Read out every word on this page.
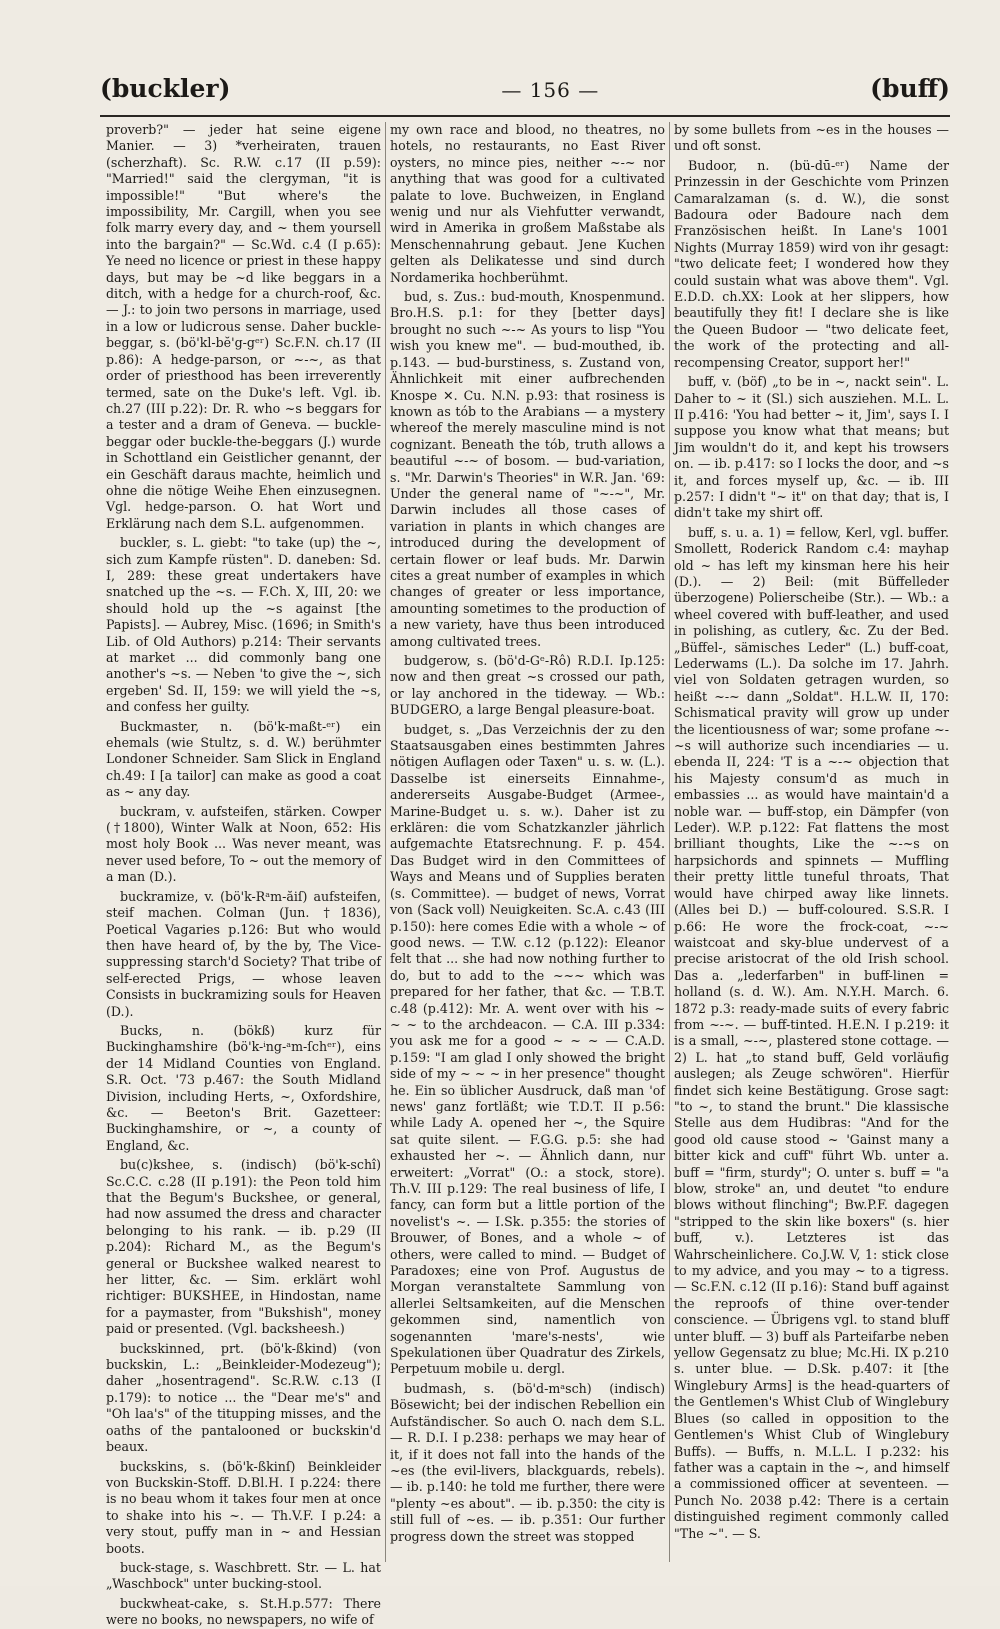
(buckler)	— 156 —	(buff)

proverb?" — jeder hat seine eigene Manier. — 3) *verheiraten, trauen (scherzhaft). Sc. R.W. c.17 (II p.59): "Married!" said the clergyman, "it is impossible!" "But where's the impossibility, Mr. Cargill, when you see folk marry every day, and ~ them yoursell into the bargain?" — Sc.Wd. c.4 (I p.65): Ye need no licence or priest in these happy days, but may be ~d like beggars in a ditch, with a hedge for a church-roof, &c. — J.: to join two persons in marriage, used in a low or ludicrous sense. Daher buckle-beggar, s. (bö'kl-bĕ'g-gᵉʳ) Sc.F.N. ch.17 (II p.86): A hedge-parson, or ~-~, as that order of priesthood has been irreverently termed, sate on the Duke's left. Vgl. ib. ch.27 (III p.22): Dr. R. who ~s beggars for a tester and a dram of Geneva. — buckle-beggar oder buckle-the-beggars (J.) wurde in Schottland ein Geistlicher genannt, der ein Geschäft daraus machte, heimlich und ohne die nötige Weihe Ehen einzusegnen. Vgl. hedge-parson. O. hat Wort und Erklärung nach dem S.L. aufgenommen.

buckler, s. L. giebt: "to take (up) the ~, sich zum Kampfe rüsten". D. daneben: Sd. I, 289: these great undertakers have snatched up the ~s. — F.Ch. X, III, 20: we should hold up the ~s against [the Papists]. — Aubrey, Misc. (1696; in Smith's Lib. of Old Authors) p.214: Their servants at market ... did commonly bang one another's ~s. — Neben 'to give the ~, sich ergeben' Sd. II, 159: we will yield the ~s, and confess her guilty.

Buckmaster, n. (bö'k-maßt-ᵉʳ) ein ehemals (wie Stultz, s. d. W.) berühmter Londoner Schneider. Sam Slick in England ch.49: I [a tailor] can make as good a coat as ~ any day.

buckram, v. aufsteifen, stärken. Cowper (†1800), Winter Walk at Noon, 652: His most holy Book ... Was never meant, was never used before, To ~ out the memory of a man (D.).

buckramize, v. (bö'k-Rᵃm-ăiſ) aufsteifen, steif machen. Colman (Jun. †1836), Poetical Vagaries p.126: But who would then have heard of, by the by, The Vice-suppressing starch'd Society? That tribe of self-erected Prigs, — whose leaven Consists in buckramizing souls for Heaven (D.).

Bucks, n. (bökß) kurz für Buckinghamshire (bö'k-ⁱng-ᵃm-ſchᵉʳ), eins der 14 Midland Counties von England. S.R. Oct. '73 p.467: the South Midland Division, including Herts, ~, Oxfordshire, &c. — Beeton's Brit. Gazetteer: Buckinghamshire, or ~, a county of England, &c.

bu(c)kshee, s. (indisch) (bö'k-schî) Sc.C.C. c.28 (II p.191): the Peon told him that the Begum's Buckshee, or general, had now assumed the dress and character belonging to his rank. — ib. p.29 (II p.204): Richard M., as the Begum's general or Buckshee walked nearest to her litter, &c. — Sim. erklärt wohl richtiger: BUKSHEE, in Hindostan, name for a paymaster, from "Bukshish", money paid or presented. (Vgl. backsheesh.)

buckskinned, prt. (bö'k-ßkind) (von buckskin, L.: „Beinkleider-Modezeug"); daher „hosentragend". Sc.R.W. c.13 (I p.179): to notice ... the "Dear me's" and "Oh laa's" of the titupping misses, and the oaths of the pantalooned or buckskin'd beaux.

buckskins, s. (bö'k-ßkinſ) Beinkleider von Buckskin-Stoff. D.Bl.H. I p.224: there is no beau whom it takes four men at once to shake into his ~. — Th.V.F. I p.24: a very stout, puffy man in ~ and Hessian boots.

buck-stage, s. Waschbrett. Str. — L. hat „Waschbock" unter bucking-stool.

buckwheat-cake, s. St.H.p.577: There were no books, no newspapers, no wife of

my own race and blood, no theatres, no hotels, no restaurants, no East River oysters, no mince pies, neither ~-~ nor anything that was good for a cultivated palate to love. Buchweizen, in England wenig und nur als Viehfutter verwandt, wird in Amerika in großem Maßstabe als Menschennahrung gebaut. Jene Kuchen gelten als Delikatesse und sind durch Nordamerika hochberühmt.

bud, s. Zus.: bud-mouth, Knospenmund. Bro.H.S. p.1: for they [better days] brought no such ~-~ As yours to lisp "You wish you knew me". — bud-mouthed, ib. p.143. — bud-burstiness, s. Zustand von, Ähnlichkeit mit einer aufbrechenden Knospe ✕. Cu. N.N. p.93: that rosiness is known as tób to the Arabians — a mystery whereof the merely masculine mind is not cognizant. Beneath the tób, truth allows a beautiful ~-~ of bosom. — bud-variation, s. "Mr. Darwin's Theories" in W.R. Jan. '69: Under the general name of "~-~", Mr. Darwin includes all those cases of variation in plants in which changes are introduced during the development of certain flower or leaf buds. Mr. Darwin cites a great number of examples in which changes of greater or less importance, amounting sometimes to the production of a new variety, have thus been introduced among cultivated trees.

budgerow, s. (bö'd-Gᵉ-Rô) R.D.I. Ip.125: now and then great ~s crossed our path, or lay anchored in the tideway. — Wb.: BUDGERO, a large Bengal pleasure-boat.

budget, s. „Das Verzeichnis der zu den Staatsausgaben eines bestimmten Jahres nötigen Auflagen oder Taxen" u. s. w. (L.). Dasselbe ist einerseits Einnahme-, andererseits Ausgabe-Budget (Armee-, Marine-Budget u. s. w.). Daher ist zu erklären: die vom Schatzkanzler jährlich aufgemachte Etatsrechnung. F. p. 454. Das Budget wird in den Committees of Ways and Means und of Supplies beraten (s. Committee). — budget of news, Vorrat von (Sack voll) Neuigkeiten. Sc.A. c.43 (III p.150): here comes Edie with a whole ~ of good news. — T.W. c.12 (p.122): Eleanor felt that ... she had now nothing further to do, but to add to the ~~~ which was prepared for her father, that &c. — T.B.T. c.48 (p.412): Mr. A. went over with his ~ ~ ~ to the archdeacon. — C.A. III p.334: you ask me for a good ~ ~ ~ — C.A.D. p.159: "I am glad I only showed the bright side of my ~ ~ ~ in her presence" thought he. Ein so üblicher Ausdruck, daß man 'of news' ganz fortläßt; wie T.D.T. II p.56: while Lady A. opened her ~, the Squire sat quite silent. — F.G.G. p.5: she had exhausted her ~. — Ähnlich dann, nur erweitert: „Vorrat" (O.: a stock, store). Th.V. III p.129: The real business of life, I fancy, can form but a little portion of the novelist's ~. — I.Sk. p.355: the stories of Brouwer, of Bones, and a whole ~ of others, were called to mind. — Budget of Paradoxes; eine von Prof. Augustus de Morgan veranstaltete Sammlung von allerlei Seltsamkeiten, auf die Menschen gekommen sind, namentlich von sogenannten 'mare's-nests', wie Spekulationen über Quadratur des Zirkels, Perpetuum mobile u. dergl.

budmash, s. (bö'd-mᵃsch) (indisch) Bösewicht; bei der indischen Rebellion ein Aufständischer. So auch O. nach dem S.L. — R. D.I. I p.238: perhaps we may hear of it, if it does not fall into the hands of the ~es (the evil-livers, blackguards, rebels). — ib. p.140: he told me further, there were "plenty ~es about". — ib. p.350: the city is still full of ~es. — ib. p.351: Our further progress down the street was stopped

by some bullets from ~es in the houses — und oft sonst.

Budoor, n. (bü-dū-ᵉʳ) Name der Prinzessin in der Geschichte vom Prinzen Camaralzaman (s. d. W.), die sonst Badoura oder Badoure nach dem Französischen heißt. In Lane's 1001 Nights (Murray 1859) wird von ihr gesagt: "two delicate feet; I wondered how they could sustain what was above them". Vgl. E.D.D. ch.XX: Look at her slippers, how beautifully they fit! I declare she is like the Queen Budoor — "two delicate feet, the work of the protecting and all-recompensing Creator, support her!"

buff, v. (böf) „to be in ~, nackt sein". L. Daher to ~ it (Sl.) sich ausziehen. M.L. L. II p.416: 'You had better ~ it, Jim', says I. I suppose you know what that means; but Jim wouldn't do it, and kept his trowsers on. — ib. p.417: so I locks the door, and ~s it, and forces myself up, &c. — ib. III p.257: I didn't "~ it" on that day; that is, I didn't take my shirt off.

buff, s. u. a. 1) = fellow, Kerl, vgl. buffer. Smollett, Roderick Random c.4: mayhap old ~ has left my kinsman here his heir (D.). — 2) Beil: (mit Büffelleder überzogene) Polierscheibe (Str.). — Wb.: a wheel covered with buff-leather, and used in polishing, as cutlery, &c. Zu der Bed. „Büffel-, sämisches Leder" (L.) buff-coat, Lederwams (L.). Da solche im 17. Jahrh. viel von Soldaten getragen wurden, so heißt ~-~ dann „Soldat". H.L.W. II, 170: Schismatical pravity will grow up under the licentiousness of war; some profane ~-~s will authorize such incendiaries — u. ebenda II, 224: 'T is a ~-~ objection that his Majesty consum'd as much in embassies ... as would have maintain'd a noble war. — buff-stop, ein Dämpfer (von Leder). W.P. p.122: Fat flattens the most brilliant thoughts, Like the ~-~s on harpsichords and spinnets — Muffling their pretty little tuneful throats, That would have chirped away like linnets. (Alles bei D.) — buff-coloured. S.S.R. I p.66: He wore the frock-coat, ~-~ waistcoat and sky-blue undervest of a precise aristocrat of the old Irish school. Das a. „lederfarben" in buff-linen = holland (s. d. W.). Am. N.Y.H. March. 6. 1872 p.3: ready-made suits of every fabric from ~-~. — buff-tinted. H.E.N. I p.219: it is a small, ~-~, plastered stone cottage. — 2) L. hat „to stand buff, Geld vorläufig auslegen; als Zeuge schwören". Hierfür findet sich keine Bestätigung. Grose sagt: "to ~, to stand the brunt." Die klassische Stelle aus dem Hudibras: "And for the good old cause stood ~ 'Gainst many a bitter kick and cuff" führt Wb. unter a. buff = "firm, sturdy"; O. unter s. buff = "a blow, stroke" an, und deutet "to endure blows without flinching"; Bw.P.F. dagegen "stripped to the skin like boxers" (s. hier buff, v.). Letzteres ist das Wahrscheinlichere. Co.J.W. V, 1: stick close to my advice, and you may ~ to a tigress. — Sc.F.N. c.12 (II p.16): Stand buff against the reproofs of thine over-tender conscience. — Übrigens vgl. to stand bluff unter bluff. — 3) buff als Parteifarbe neben yellow Gegensatz zu blue; Mc.Hi. IX p.210 s. unter blue. — D.Sk. p.407: it [the Winglebury Arms] is the head-quarters of the Gentlemen's Whist Club of Winglebury Blues (so called in opposition to the Gentlemen's Whist Club of Winglebury Buffs). — Buffs, n. M.L.L. I p.232: his father was a captain in the ~, and himself a commissioned officer at seventeen. — Punch No. 2038 p.42: There is a certain distinguished regiment commonly called "The ~". — S.
